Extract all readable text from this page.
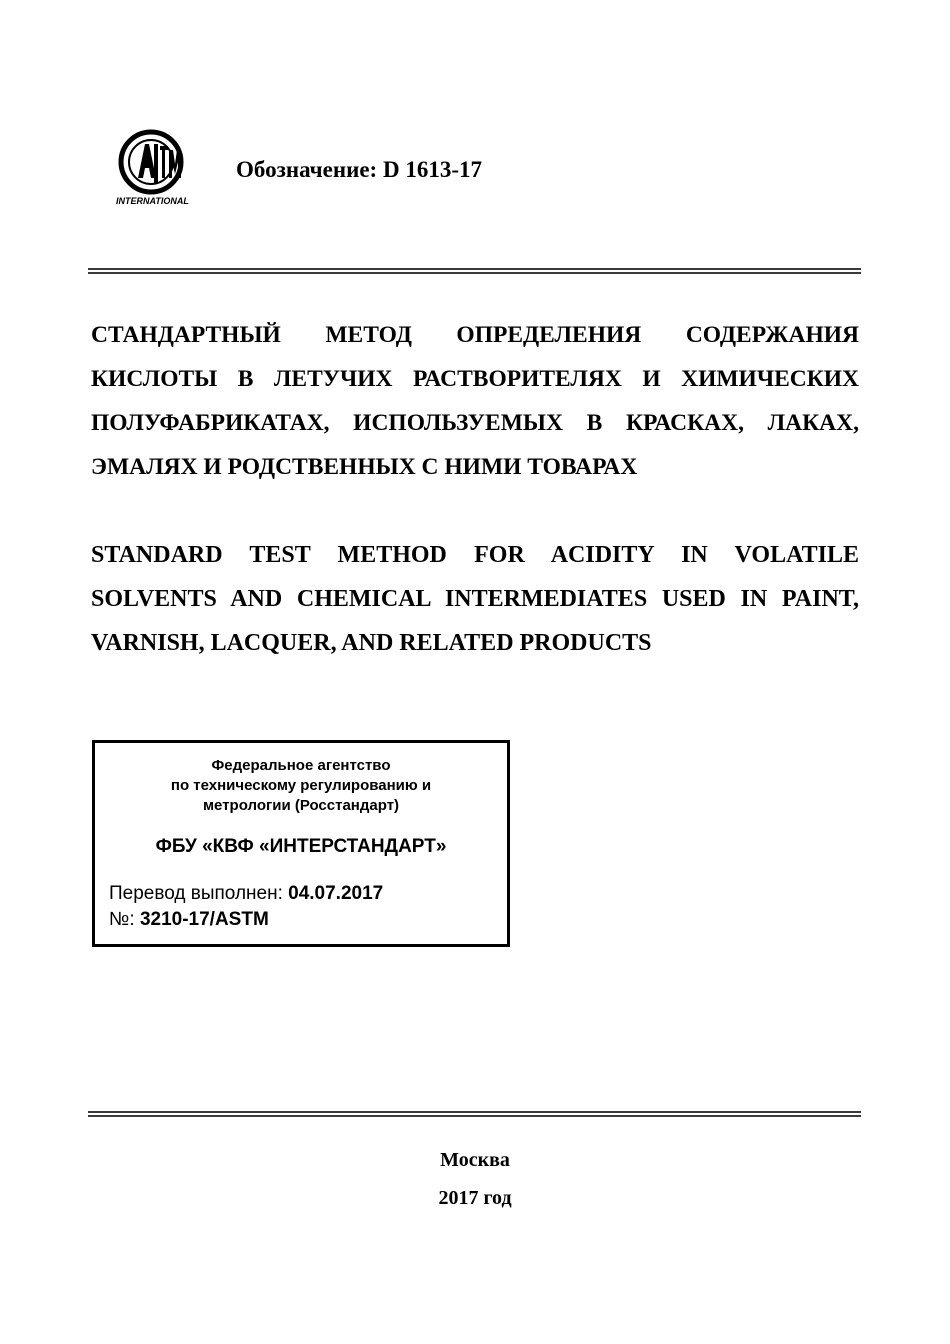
INTERNATIONAL
Обозначение: D 1613-17
СТАНДАРТНЫЙ МЕТОД ОПРЕДЕЛЕНИЯ СОДЕРЖАНИЯ КИСЛОТЫ В ЛЕТУЧИХ РАСТВОРИТЕЛЯХ И ХИМИЧЕСКИХ ПОЛУФАБРИКАТАХ, ИСПОЛЬЗУЕМЫХ В КРАСКАХ, ЛАКАХ, ЭМАЛЯХ И РОДСТВЕННЫХ С НИМИ ТОВАРАХ
STANDARD TEST METHOD FOR ACIDITY IN VOLATILE SOLVENTS AND CHEMICAL INTERMEDIATES USED IN PAINT, VARNISH, LACQUER, AND RELATED PRODUCTS
Федеральное агентство
по техническому регулированию и
метрологии (Росстандарт)
ФБУ «КВФ «ИНТЕРСТАНДАРТ»
Перевод выполнен: 04.07.2017
№: 3210-17/ASTM
Москва
2017 год
